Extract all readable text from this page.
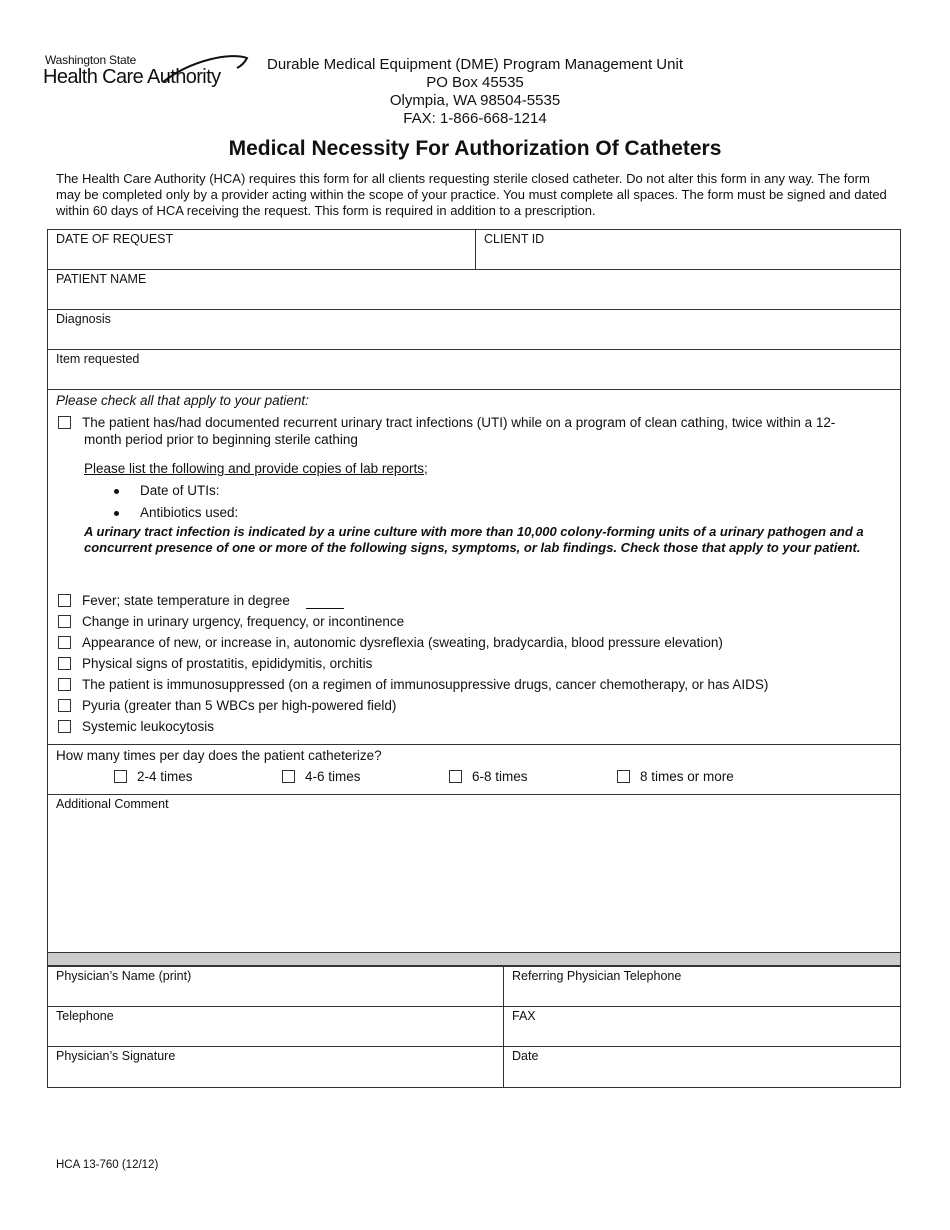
Washington State
Health Care Authority
Durable Medical Equipment (DME) Program Management Unit
PO Box 45535
Olympia, WA 98504-5535
FAX: 1-866-668-1214
Medical Necessity For Authorization Of Catheters
The Health Care Authority (HCA) requires this form for all clients requesting sterile closed catheter. Do not alter this form in any way. The form may be completed only by a provider acting within the scope of your practice. You must complete all spaces. The form must be signed and dated within 60 days of HCA receiving the request. This form is required in addition to a prescription.
DATE OF REQUEST	CLIENT ID
PATIENT NAME
Diagnosis
Item requested
Please check all that apply to your patient:
The patient has/had documented recurrent urinary tract infections (UTI) while on a program of clean cathing, twice within a 12-
month period prior to beginning sterile cathing
Please list the following and provide copies of lab reports;
Date of UTIs:
Antibiotics used:
A urinary tract infection is indicated by a urine culture with more than 10,000 colony-forming units of a urinary pathogen and a concurrent presence of one or more of the following signs, symptoms, or lab findings. Check those that apply to your patient.
Fever; state temperature in degree
Change in urinary urgency, frequency, or incontinence
Appearance of new, or increase in, autonomic dysreflexia (sweating, bradycardia, blood pressure elevation)
Physical signs of prostatitis, epididymitis, orchitis
The patient is immunosuppressed (on a regimen of immunosuppressive drugs, cancer chemotherapy, or has AIDS)
Pyuria (greater than 5 WBCs per high-powered field)
Systemic leukocytosis
How many times per day does the patient catheterize?
2-4 times	4-6 times	6-8 times	8 times or more
Additional Comment
Physician’s Name (print)	Referring Physician Telephone
Telephone	FAX
Physician’s Signature	Date
HCA 13-760 (12/12)
